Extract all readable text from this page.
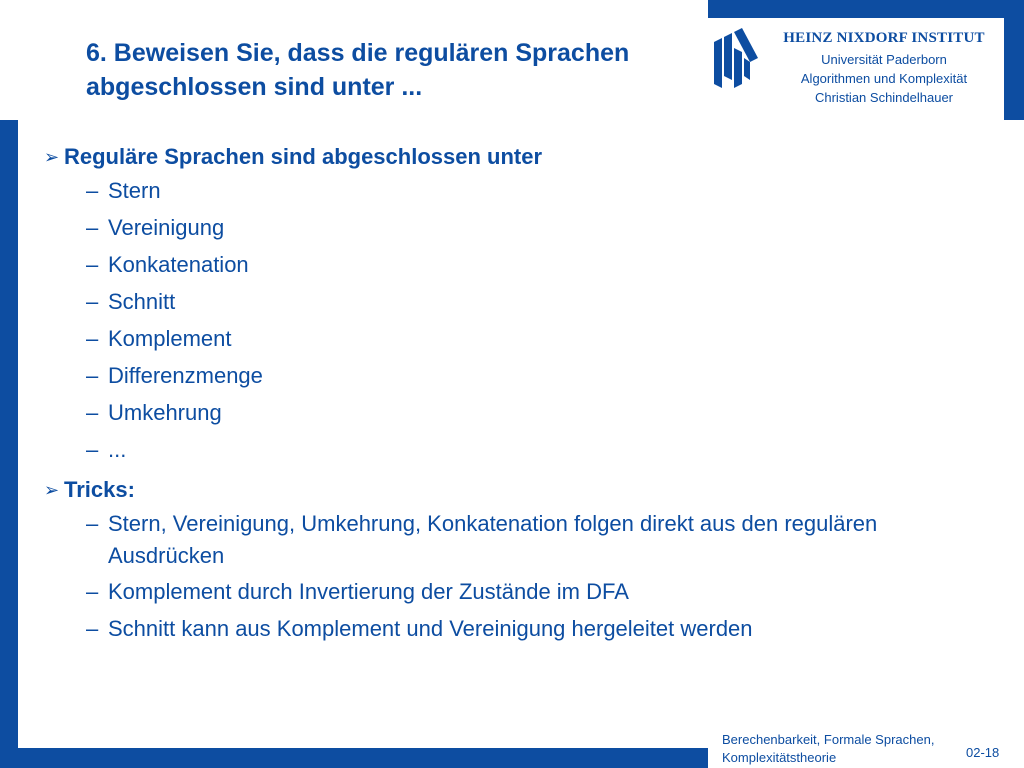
HEINZ NIXDORF INSTITUT
Universität Paderborn
Algorithmen und Komplexität
Christian Schindelhauer
6. Beweisen Sie, dass die regulären Sprachen
abgeschlossen sind unter ...
➢ Reguläre Sprachen sind abgeschlossen unter
– Stern
– Vereinigung
– Konkatenation
– Schnitt
– Komplement
– Differenzmenge
– Umkehrung
– ...
➢ Tricks:
– Stern, Vereinigung, Umkehrung, Konkatenation folgen direkt aus den regulären Ausdrücken
– Komplement durch Invertierung der Zustände im DFA
– Schnitt kann aus Komplement und Vereinigung hergeleitet werden
Berechenbarkeit, Formale Sprachen,
Komplexitätstheorie	02-18
